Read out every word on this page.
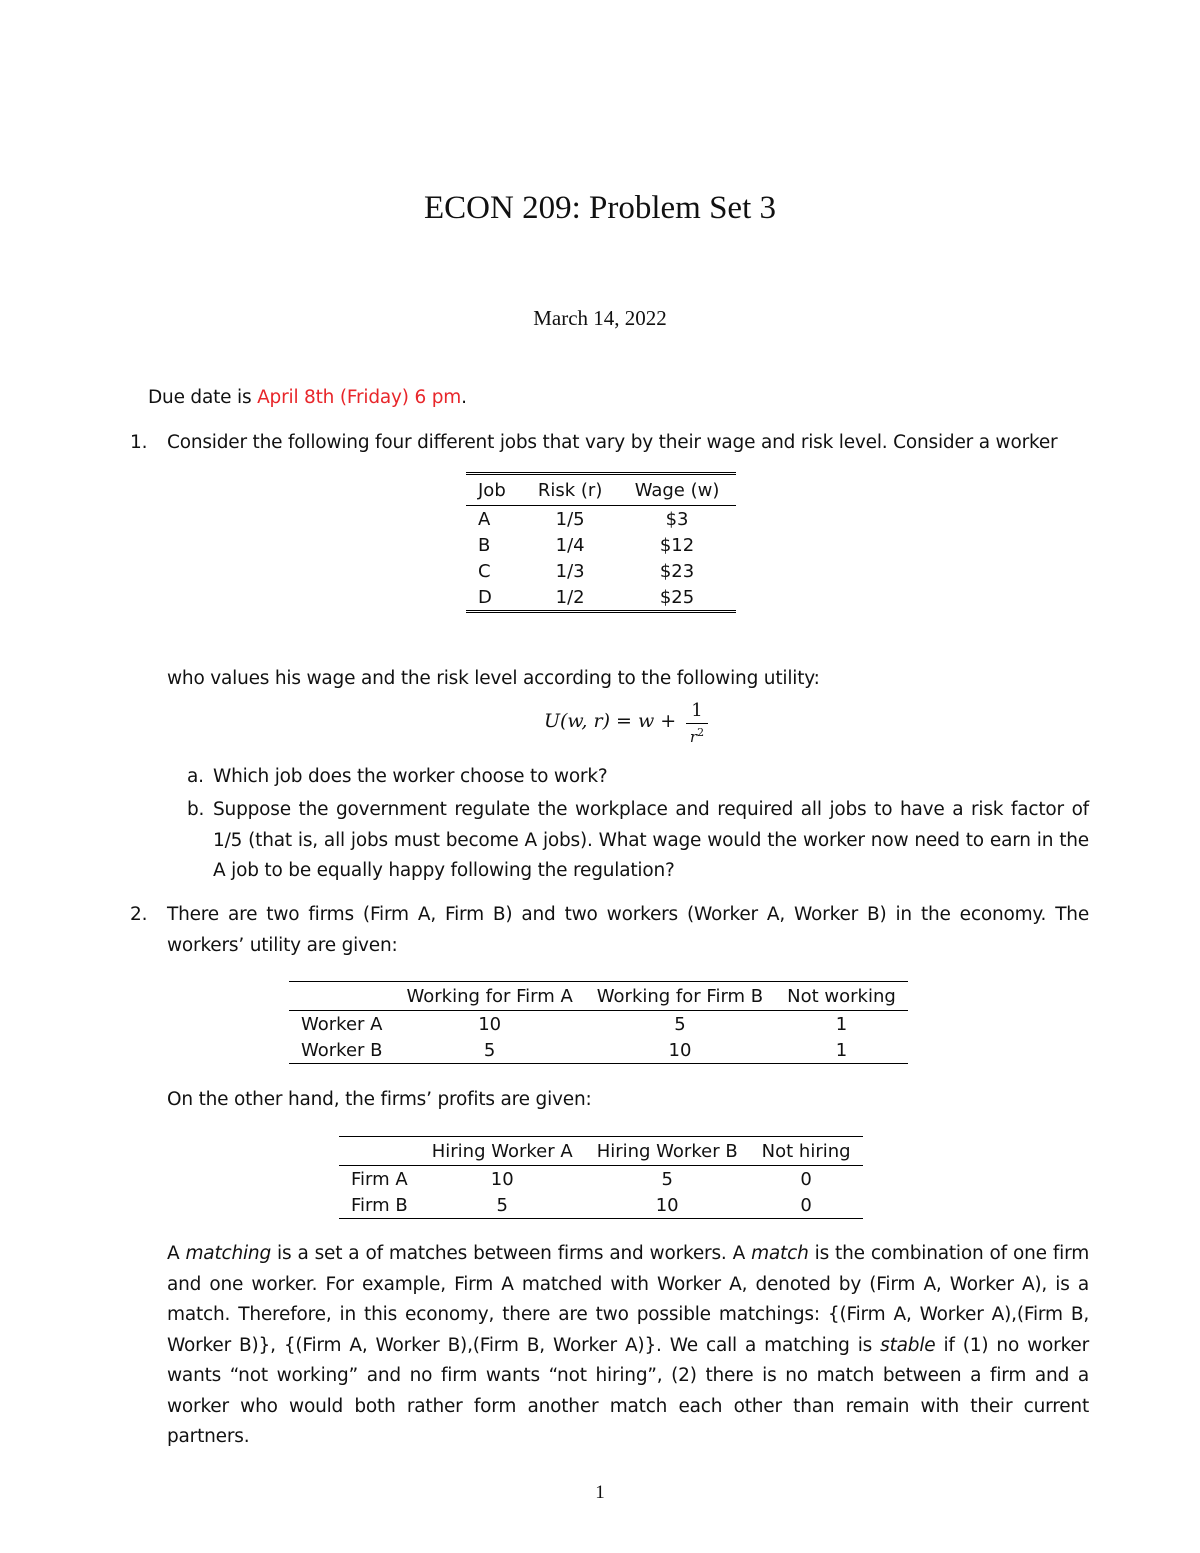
ECON 209: Problem Set 3
March 14, 2022
Due date is April 8th (Friday) 6 pm.
1. Consider the following four different jobs that vary by their wage and risk level. Consider a worker
Job	Risk (r)	Wage (w)
A	1/5	$3
B	1/4	$12
C	1/3	$23
D	1/2	$25
who values his wage and the risk level according to the following utility:
U(w, r) = w + 1
$r^2$
a. Which job does the worker choose to work?
b. Suppose the government regulate the workplace and required all jobs to have a risk factor of 1/5 (that is, all jobs must become A jobs). What wage would the worker now need to earn in the A job to be equally happy following the regulation?
2. There are two firms (Firm A, Firm B) and two workers (Worker A, Worker B) in the economy. The workers’ utility are given:
	Working for Firm A	Working for Firm B	Not working
Worker A	10	5	1
Worker B	5	10	1
On the other hand, the firms’ profits are given:
	Hiring Worker A	Hiring Worker B	Not hiring
Firm A	10	5	0
Firm B	5	10	0
A matching is a set a of matches between firms and workers. A match is the combination of one firm and one worker. For example, Firm A matched with Worker A, denoted by (Firm A, Worker A), is a match. Therefore, in this economy, there are two possible matchings: {(Firm A, Worker A),(Firm B, Worker B)}, {(Firm A, Worker B),(Firm B, Worker A)}. We call a matching is stable if (1) no worker wants “not working” and no firm wants “not hiring”, (2) there is no match between a firm and a worker who would both rather form another match each other than remain with their current partners.
1
